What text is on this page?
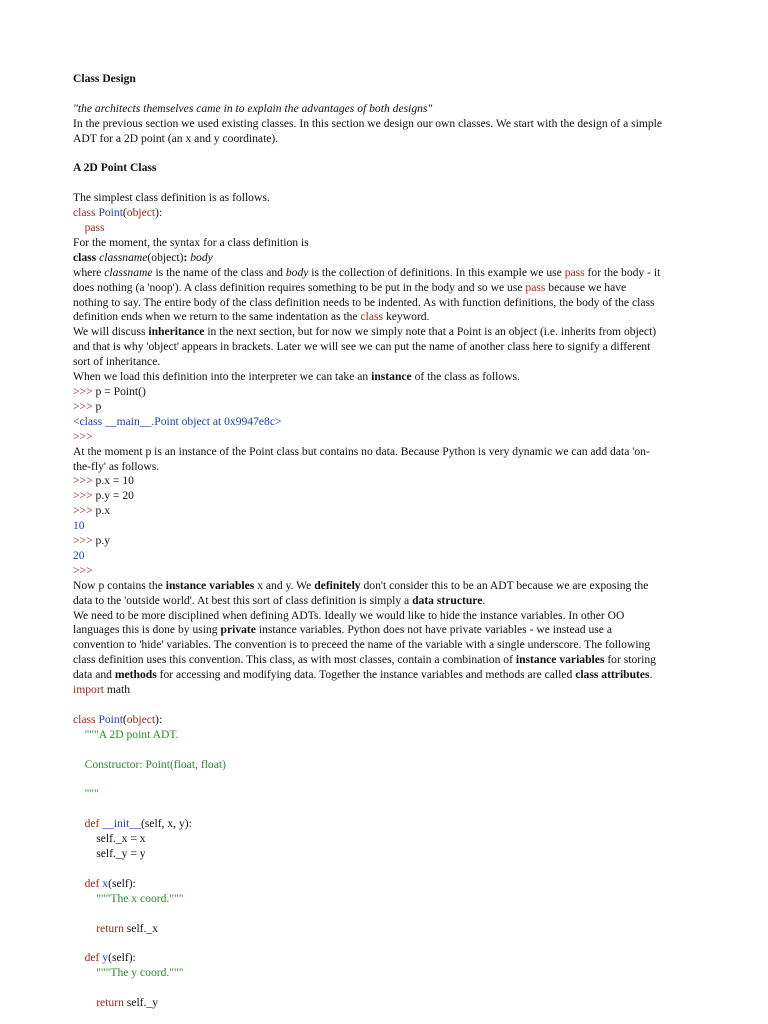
Class Design
"the architects themselves came in to explain the advantages of both designs"
In the previous section we used existing classes. In this section we design our own classes. We start with the design of a simple
ADT for a 2D point (an x and y coordinate).
A 2D Point Class
The simplest class definition is as follows.
class Point(object):
pass
For the moment, the syntax for a class definition is
class classname(object): body
where classname is the name of the class and body is the collection of definitions. In this example we use pass for the body - it
does nothing (a 'noop'). A class definition requires something to be put in the body and so we use pass because we have
nothing to say. The entire body of the class definition needs to be indented. As with function definitions, the body of the class
definition ends when we return to the same indentation as the class keyword.
We will discuss inheritance in the next section, but for now we simply note that a Point is an object (i.e. inherits from object)
and that is why 'object' appears in brackets. Later we will see we can put the name of another class here to signify a different
sort of inheritance.
When we load this definition into the interpreter we can take an instance of the class as follows.
>>> p = Point()
>>> p
<class __main__.Point object at 0x9947e8c>
>>>
At the moment p is an instance of the Point class but contains no data. Because Python is very dynamic we can add data 'on-
the-fly' as follows.
>>> p.x = 10
>>> p.y = 20
>>> p.x
10
>>> p.y
20
>>>
Now p contains the instance variables x and y. We definitely don't consider this to be an ADT because we are exposing the
data to the 'outside world'. At best this sort of class definition is simply a data structure.
We need to be more disciplined when defining ADTs. Ideally we would like to hide the instance variables. In other OO
languages this is done by using private instance variables. Python does not have private variables - we instead use a
convention to 'hide' variables. The convention is to preceed the name of the variable with a single underscore. The following
class definition uses this convention. This class, as with most classes, contain a combination of instance variables for storing
data and methods for accessing and modifying data. Together the instance variables and methods are called class attributes.
import math
class Point(object):
"""A 2D point ADT.
Constructor: Point(float, float)
"""
def __init__(self, x, y):
self._x = x
self._y = y
def x(self):
"""The x coord."""
return self._x
def y(self):
"""The y coord."""
return self._y
